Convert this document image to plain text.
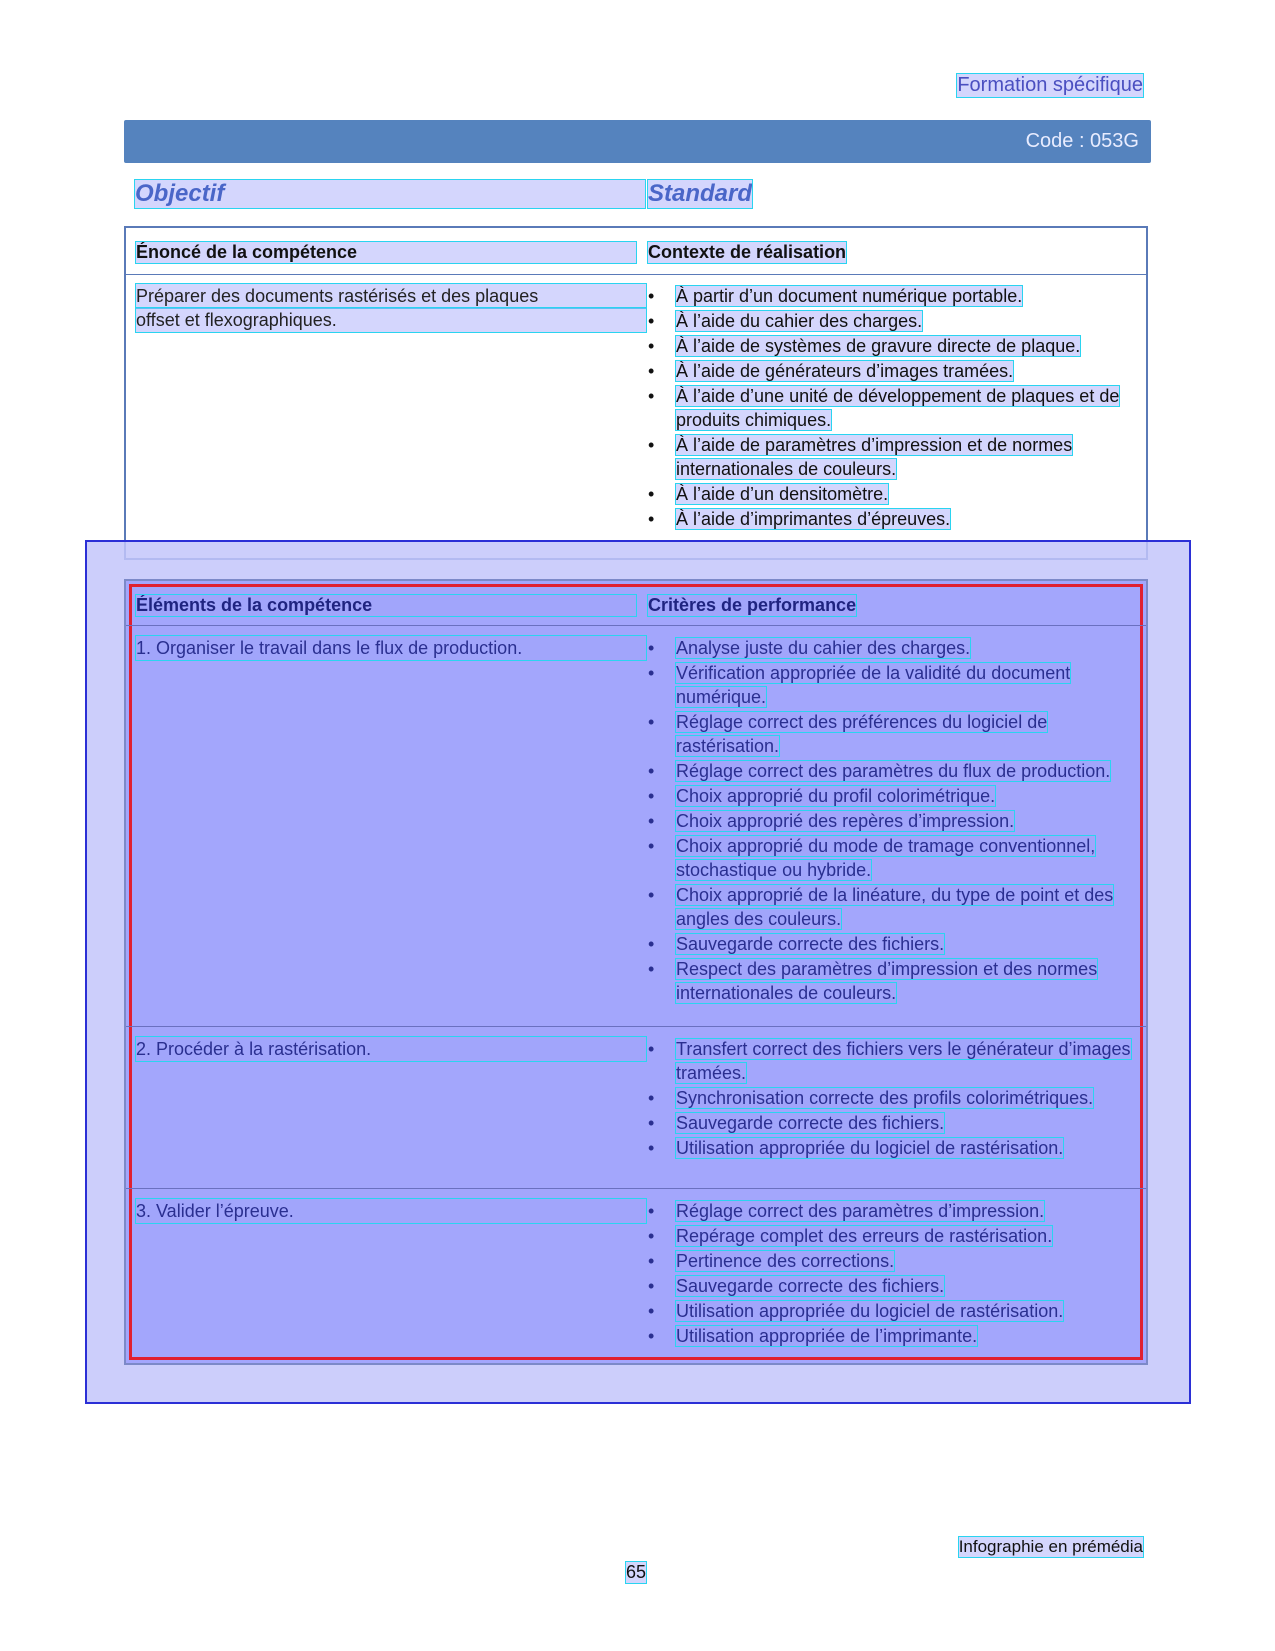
Formation spécifique
Code : 053G
Objectif	Standard
Énoncé de la compétence	Contexte de réalisation
Préparer des documents rastérisés et des plaques
offset et flexographiques.
• À partir d’un document numérique portable.
• À l’aide du cahier des charges.
• À l’aide de systèmes de gravure directe de plaque.
• À l’aide de générateurs d’images tramées.
• À l’aide d’une unité de développement de plaques et de produits chimiques.
• À l’aide de paramètres d’impression et de normes internationales de couleurs.
• À l’aide d’un densitomètre.
• À l’aide d’imprimantes d’épreuves.
Éléments de la compétence	Critères de performance
1. Organiser le travail dans le flux de production.	• Analyse juste du cahier des charges.
• Vérification appropriée de la validité du document numérique.
• Réglage correct des préférences du logiciel de rastérisation.
• Réglage correct des paramètres du flux de production.
• Choix approprié du profil colorimétrique.
• Choix approprié des repères d’impression.
• Choix approprié du mode de tramage conventionnel, stochastique ou hybride.
• Choix approprié de la linéature, du type de point et des angles des couleurs.
• Sauvegarde correcte des fichiers.
• Respect des paramètres d’impression et des normes internationales de couleurs.
2. Procéder à la rastérisation.	• Transfert correct des fichiers vers le générateur d’images tramées.
• Synchronisation correcte des profils colorimétriques.
• Sauvegarde correcte des fichiers.
• Utilisation appropriée du logiciel de rastérisation.
3. Valider l’épreuve.	• Réglage correct des paramètres d’impression.
• Repérage complet des erreurs de rastérisation.
• Pertinence des corrections.
• Sauvegarde correcte des fichiers.
• Utilisation appropriée du logiciel de rastérisation.
• Utilisation appropriée de l’imprimante.
Infographie en prémédia
65
